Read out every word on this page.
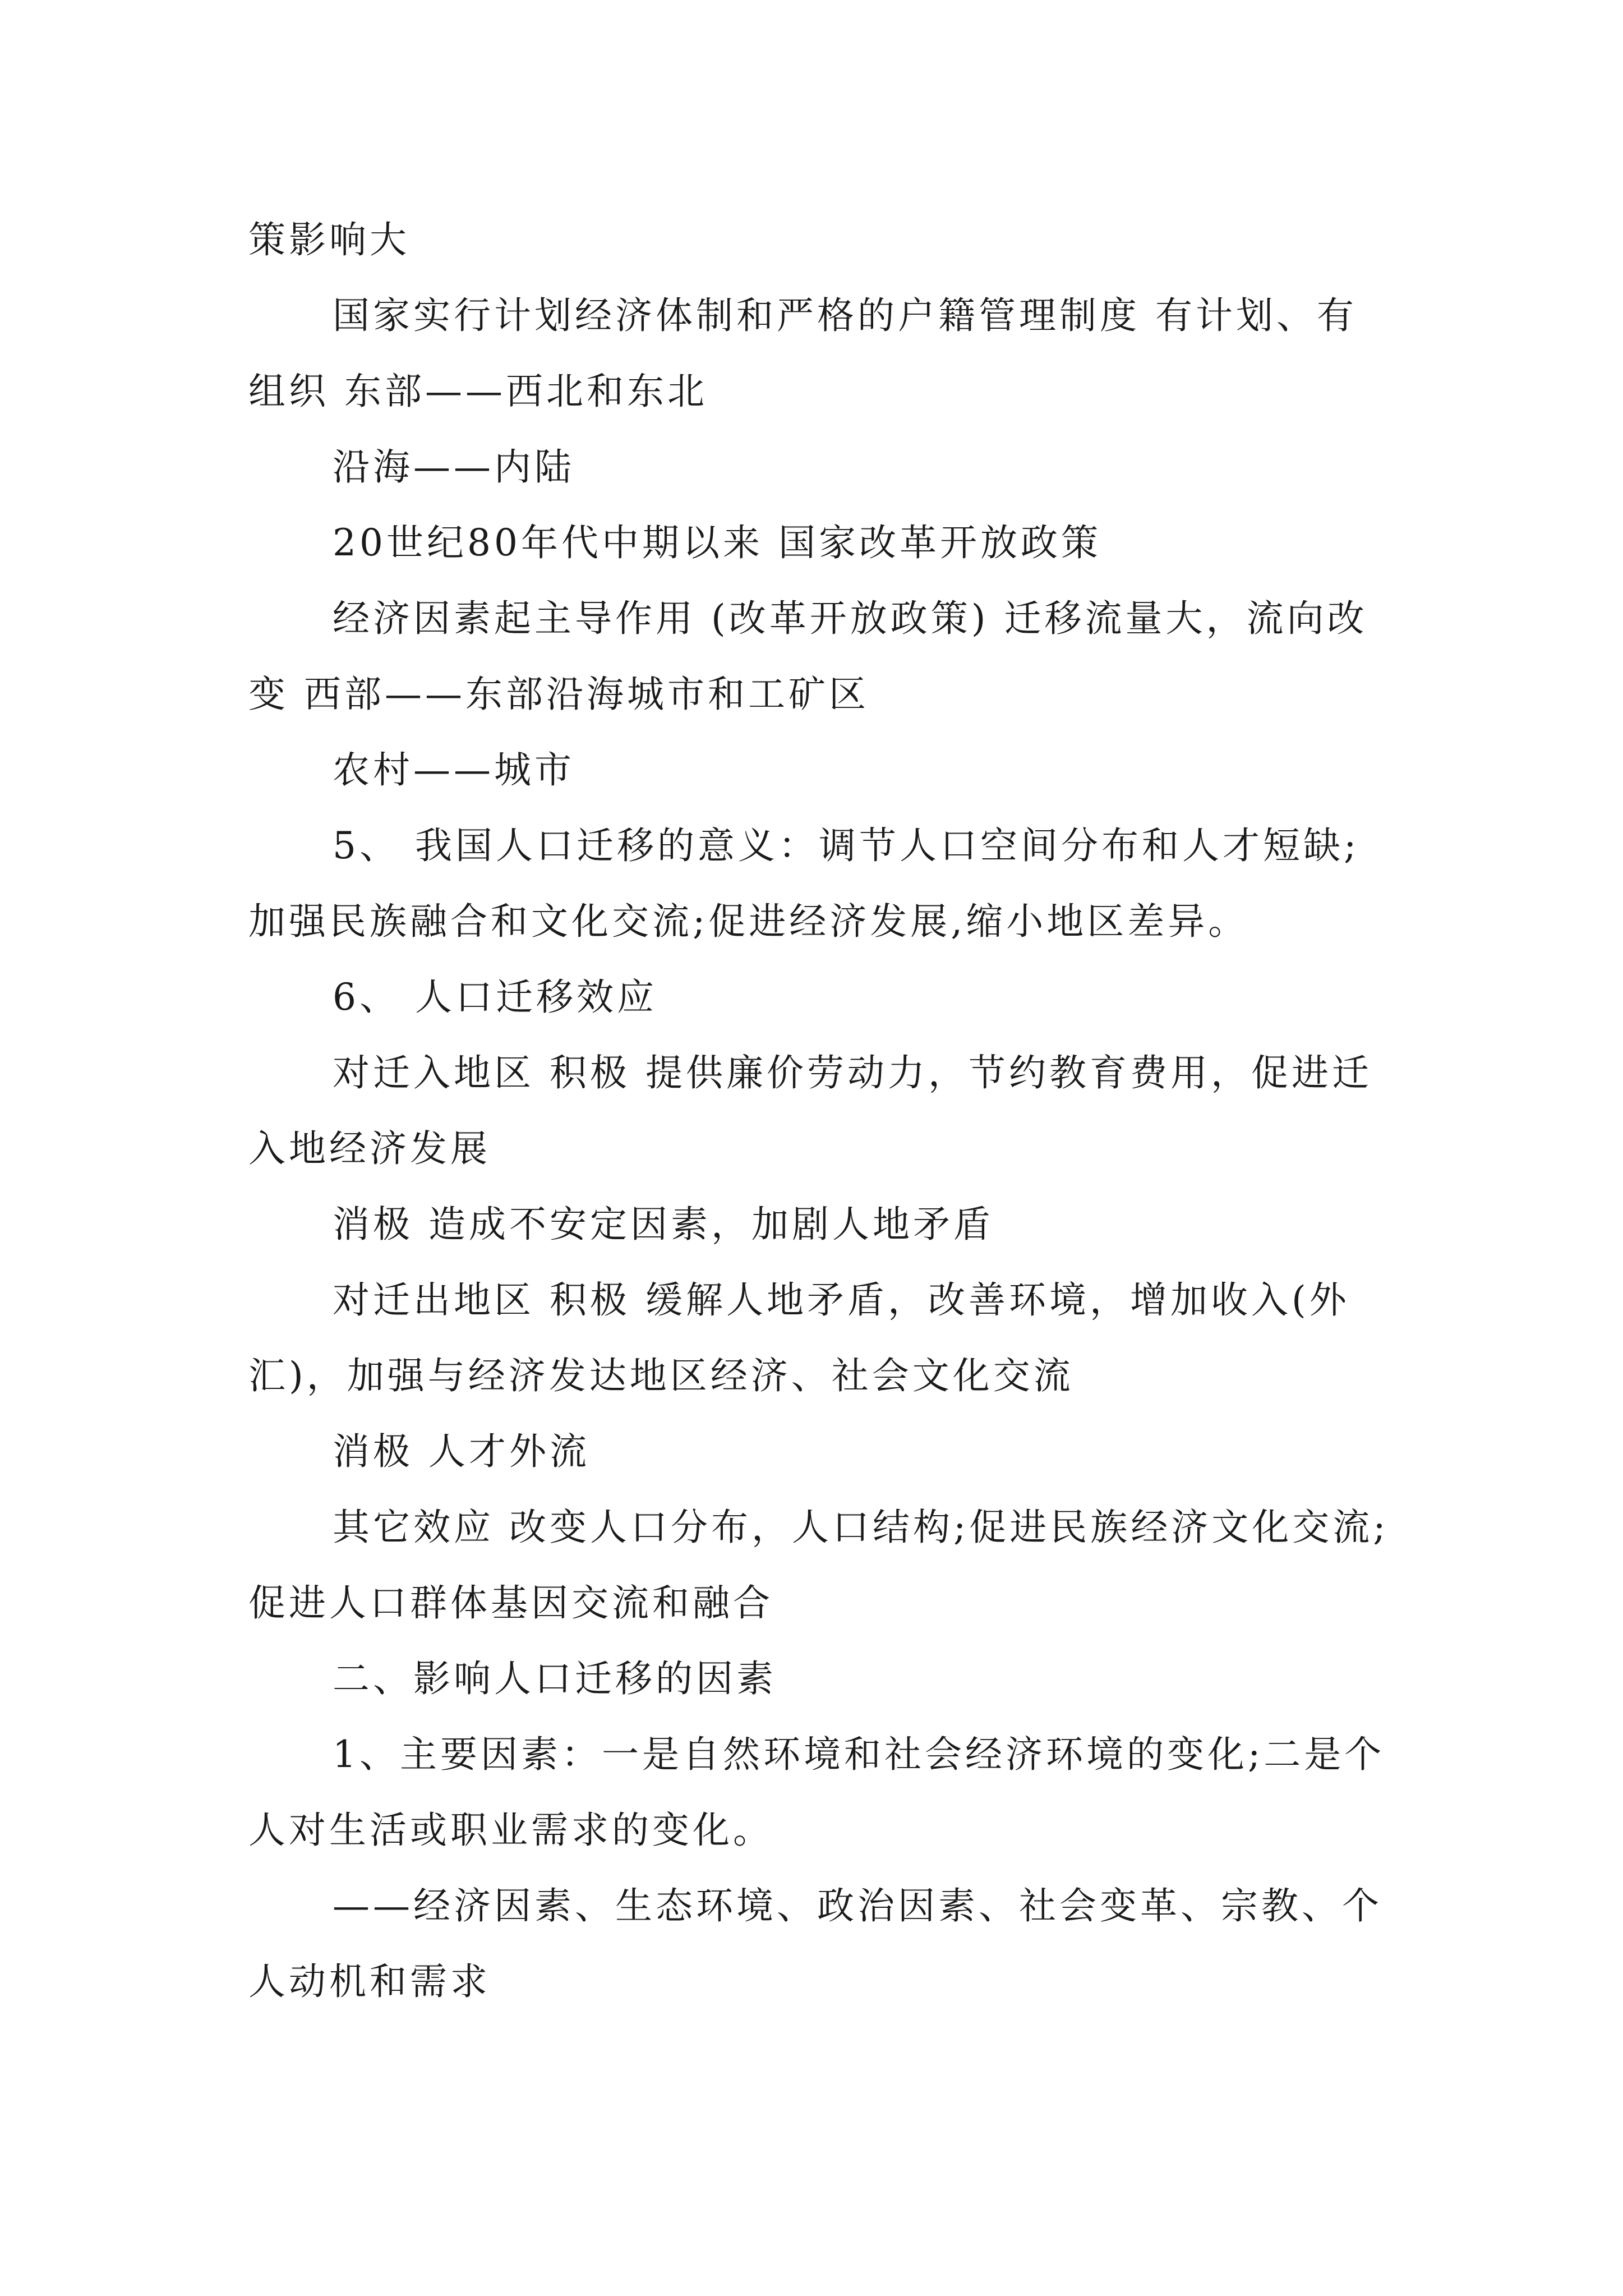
策影响大

国家实行计划经济体制和严格的户籍管理制度 有计划、有组织 东部——西北和东北

沿海——内陆

20世纪80年代中期以来 国家改革开放政策

经济因素起主导作用 (改革开放政策) 迁移流量大，流向改变 西部——东部沿海城市和工矿区

农村——城市

5、 我国人口迁移的意义：调节人口空间分布和人才短缺;加强民族融合和文化交流;促进经济发展,缩小地区差异。

6、 人口迁移效应

对迁入地区 积极 提供廉价劳动力，节约教育费用，促进迁入地经济发展

消极 造成不安定因素，加剧人地矛盾

对迁出地区 积极 缓解人地矛盾，改善环境，增加收入(外汇)，加强与经济发达地区经济、社会文化交流

消极 人才外流

其它效应 改变人口分布，人口结构;促进民族经济文化交流;促进人口群体基因交流和融合

二、影响人口迁移的因素

1、主要因素：一是自然环境和社会经济环境的变化;二是个人对生活或职业需求的变化。

——经济因素、生态环境、政治因素、社会变革、宗教、个人动机和需求
